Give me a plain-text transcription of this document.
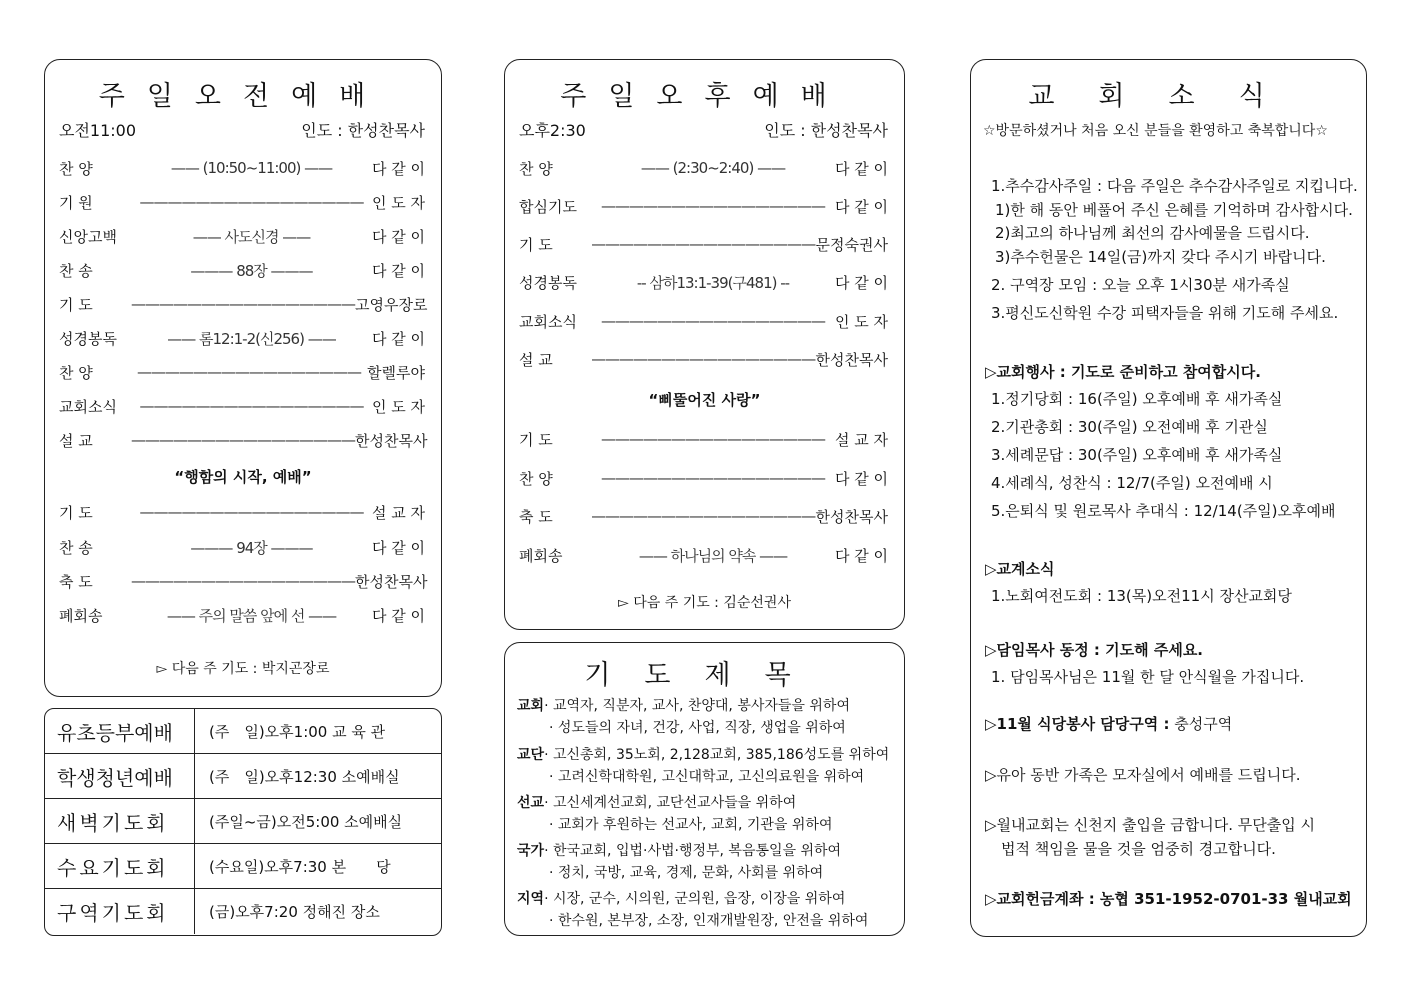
주일오전예배
오전11:00	인도 : 한성찬목사
찬 양	—— (10:50~11:00) ——	다 같 이
기 원	———————————————— 인 도 자
신앙고백	—— 사도신경 ——	다 같 이
찬 송	——— 88장 ———	다 같 이
기 도	———————————————— 고영우장로
성경봉독	—— 롬12:1-2(신256) ——	다 같 이
찬 양	———————————————— 할렐루야
교회소식	———————————————— 인 도 자
설 교	———————————————— 한성찬목사
“행함의 시작, 예배”
기 도	———————————————— 설 교 자
찬 송	——— 94장 ———	다 같 이
축 도	———————————————— 한성찬목사
폐회송	—— 주의 말씀 앞에 선 ——	다 같 이
▻ 다음 주 기도 : 박지곤장로
유초등부예배	(주　일)오후1:00 교 육 관
학생청년예배	(주　일)오후12:30 소예배실
새벽기도회	(주일~금)오전5:00 소예배실
수요기도회	(수요일)오후7:30 본　　당
구역기도회	(금)오후7:20 정해진 장소
주일오후예배
오후2:30	인도 : 한성찬목사
찬 양	—— (2:30~2:40) ——	다 같 이
합심기도	———————————————— 다 같 이
기 도	———————————————— 문정숙권사
성경봉독	-- 삼하13:1-39(구481) --	다 같 이
교회소식	———————————————— 인 도 자
설 교	———————————————— 한성찬목사
“삐뚤어진 사랑”
기 도	———————————————— 설 교 자
찬 양	———————————————— 다 같 이
축 도	———————————————— 한성찬목사
폐회송	—— 하나님의 약속 ——	다 같 이
▻ 다음 주 기도 : 김순선권사
기도제목
교회· 교역자, 직분자, 교사, 찬양대, 봉사자들을 위하여
· 성도들의 자녀, 건강, 사업, 직장, 생업을 위하여
교단· 고신총회, 35노회, 2,128교회, 385,186성도를 위하여
· 고려신학대학원, 고신대학교, 고신의료원을 위하여
선교· 고신세계선교회, 교단선교사들을 위하여
· 교회가 후원하는 선교사, 교회, 기관을 위하여
국가· 한국교회, 입법·사법·행정부, 복음통일을 위하여
· 정치, 국방, 교육, 경제, 문화, 사회를 위하여
지역· 시장, 군수, 시의원, 군의원, 읍장, 이장을 위하여
· 한수원, 본부장, 소장, 인재개발원장, 안전을 위하여
교회소식
☆방문하셨거나 처음 오신 분들을 환영하고 축복합니다☆
1.추수감사주일 : 다음 주일은 추수감사주일로 지킵니다.
1)한 해 동안 베풀어 주신 은혜를 기억하며 감사합시다.
2)최고의 하나님께 최선의 감사예물을 드립시다.
3)추수헌물은 14일(금)까지 갖다 주시기 바랍니다.
2. 구역장 모임 : 오늘 오후 1시30분 새가족실
3.평신도신학원 수강 피택자들을 위해 기도해 주세요.
▷교회행사 : 기도로 준비하고 참여합시다.
1.정기당회 : 16(주일) 오후예배 후 새가족실
2.기관총회 : 30(주일) 오전예배 후 기관실
3.세례문답 : 30(주일) 오후예배 후 새가족실
4.세례식, 성찬식 : 12/7(주일) 오전예배 시
5.은퇴식 및 원로목사 추대식 : 12/14(주일)오후예배
▷교계소식
1.노회여전도회 : 13(목)오전11시 장산교회당
▷담임목사 동정 : 기도해 주세요.
1. 담임목사님은 11월 한 달 안식월을 가집니다.
▷11월 식당봉사 담당구역 : 충성구역
▷유아 동반 가족은 모자실에서 예배를 드립니다.
▷월내교회는 신천지 출입을 금합니다. 무단출입 시
법적 책임을 물을 것을 엄중히 경고합니다.
▷교회헌금계좌 : 농협 351-1952-0701-33 월내교회
